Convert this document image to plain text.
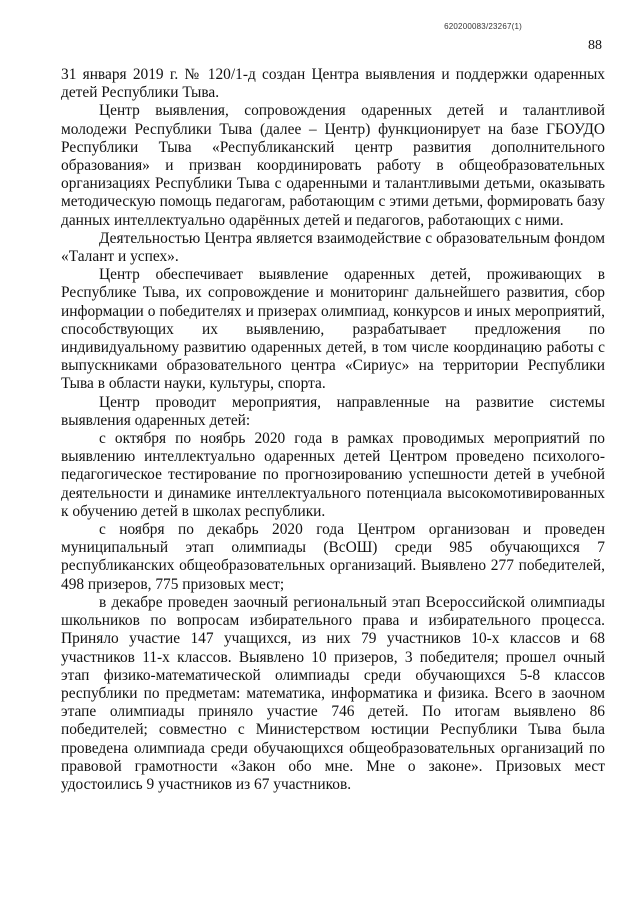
620200083/23267(1)
88

31 января 2019 г. № 120/1-д создан Центра выявления и поддержки одаренных детей Республики Тыва.

Центр выявления, сопровождения одаренных детей и талантливой молодежи Республики Тыва (далее – Центр) функционирует на базе ГБОУДО Республики Тыва «Республиканский центр развития дополнительного образования» и призван координировать работу в общеобразовательных организациях Республики Тыва с одаренными и талантливыми детьми, оказывать методическую помощь педагогам, работающим с этими детьми, формировать базу данных интеллектуально одарённых детей и педагогов, работающих с ними.

Деятельностью Центра является взаимодействие с образовательным фондом «Талант и успех».

Центр обеспечивает выявление одаренных детей, проживающих в Республике Тыва, их сопровождение и мониторинг дальнейшего развития, сбор информации о победителях и призерах олимпиад, конкурсов и иных мероприятий, способствующих их выявлению, разрабатывает предложения по индивидуальному развитию одаренных детей, в том числе координацию работы с выпускниками образовательного центра «Сириус» на территории Республики Тыва в области науки, культуры, спорта.

Центр проводит мероприятия, направленные на развитие системы выявления одаренных детей:

с октября по ноябрь 2020 года в рамках проводимых мероприятий по выявлению интеллектуально одаренных детей Центром проведено психолого-педагогическое тестирование по прогнозированию успешности детей в учебной деятельности и динамике интеллектуального потенциала высокомотивированных к обучению детей в школах республики.

с ноября по декабрь 2020 года Центром организован и проведен муниципальный этап олимпиады (ВсОШ) среди 985 обучающихся 7 республиканских общеобразовательных организаций. Выявлено 277 победителей, 498 призеров, 775 призовых мест;

в декабре проведен заочный региональный этап Всероссийской олимпиады школьников по вопросам избирательного права и избирательного процесса. Приняло участие 147 учащихся, из них 79 участников 10-х классов и 68 участников 11-х классов. Выявлено 10 призеров, 3 победителя; прошел очный этап физико-математической олимпиады среди обучающихся 5-8 классов республики по предметам: математика, информатика и физика. Всего в заочном этапе олимпиады приняло участие 746 детей. По итогам выявлено 86 победителей; совместно с Министерством юстиции Республики Тыва была проведена олимпиада среди обучающихся общеобразовательных организаций по правовой грамотности «Закон обо мне. Мне о законе». Призовых мест удостоились 9 участников из 67 участников.
